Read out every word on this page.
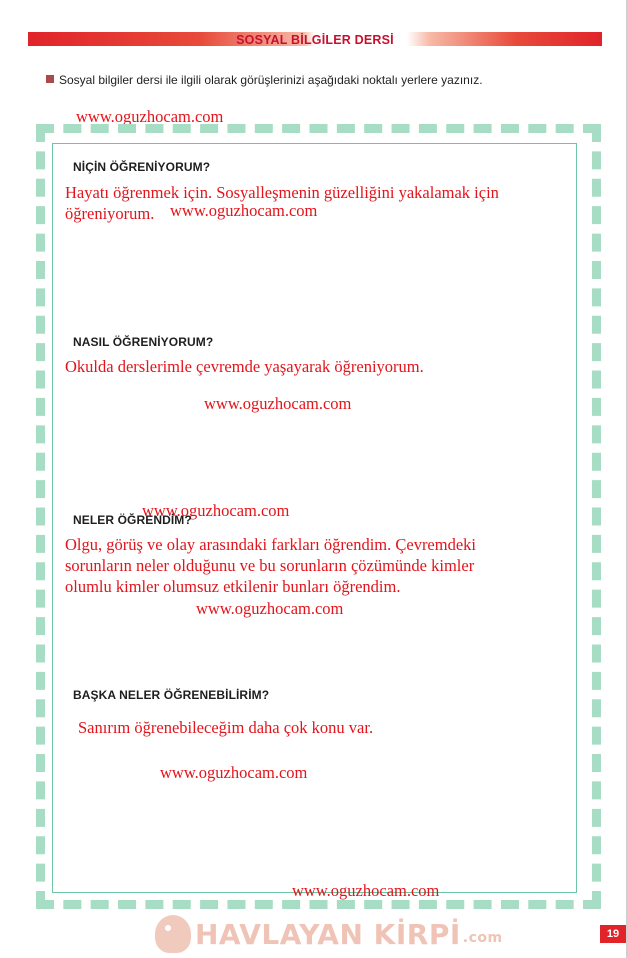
SOSYAL BİLGİLER DERSİ
Sosyal bilgiler dersi ile ilgili olarak görüşlerinizi aşağıdaki noktalı yerlere yazınız.
www.oguzhocam.com
NİÇİN ÖĞRENİYORUM?
Hayatı öğrenmek için. Sosyalleşmenin güzelliğini yakalamak için
öğreniyorum. www.oguzhocam.com
NASIL ÖĞRENİYORUM?
Okulda derslerimle çevremde yaşayarak öğreniyorum.
www.oguzhocam.com
www.oguzhocam.com
NELER ÖĞRENDİM?
Olgu, görüş ve olay arasındaki farkları öğrendim. Çevremdeki
sorunların neler olduğunu ve bu sorunların çözümünde kimler
olumlu kimler olumsuz etkilenir bunları öğrendim.
www.oguzhocam.com
BAŞKA NELER ÖĞRENEBİLİRİM?
Sanırım öğrenebileceğim daha çok konu var.
www.oguzhocam.com
www.oguzhocam.com
HAVLAYAN KİRPİ .com	19
